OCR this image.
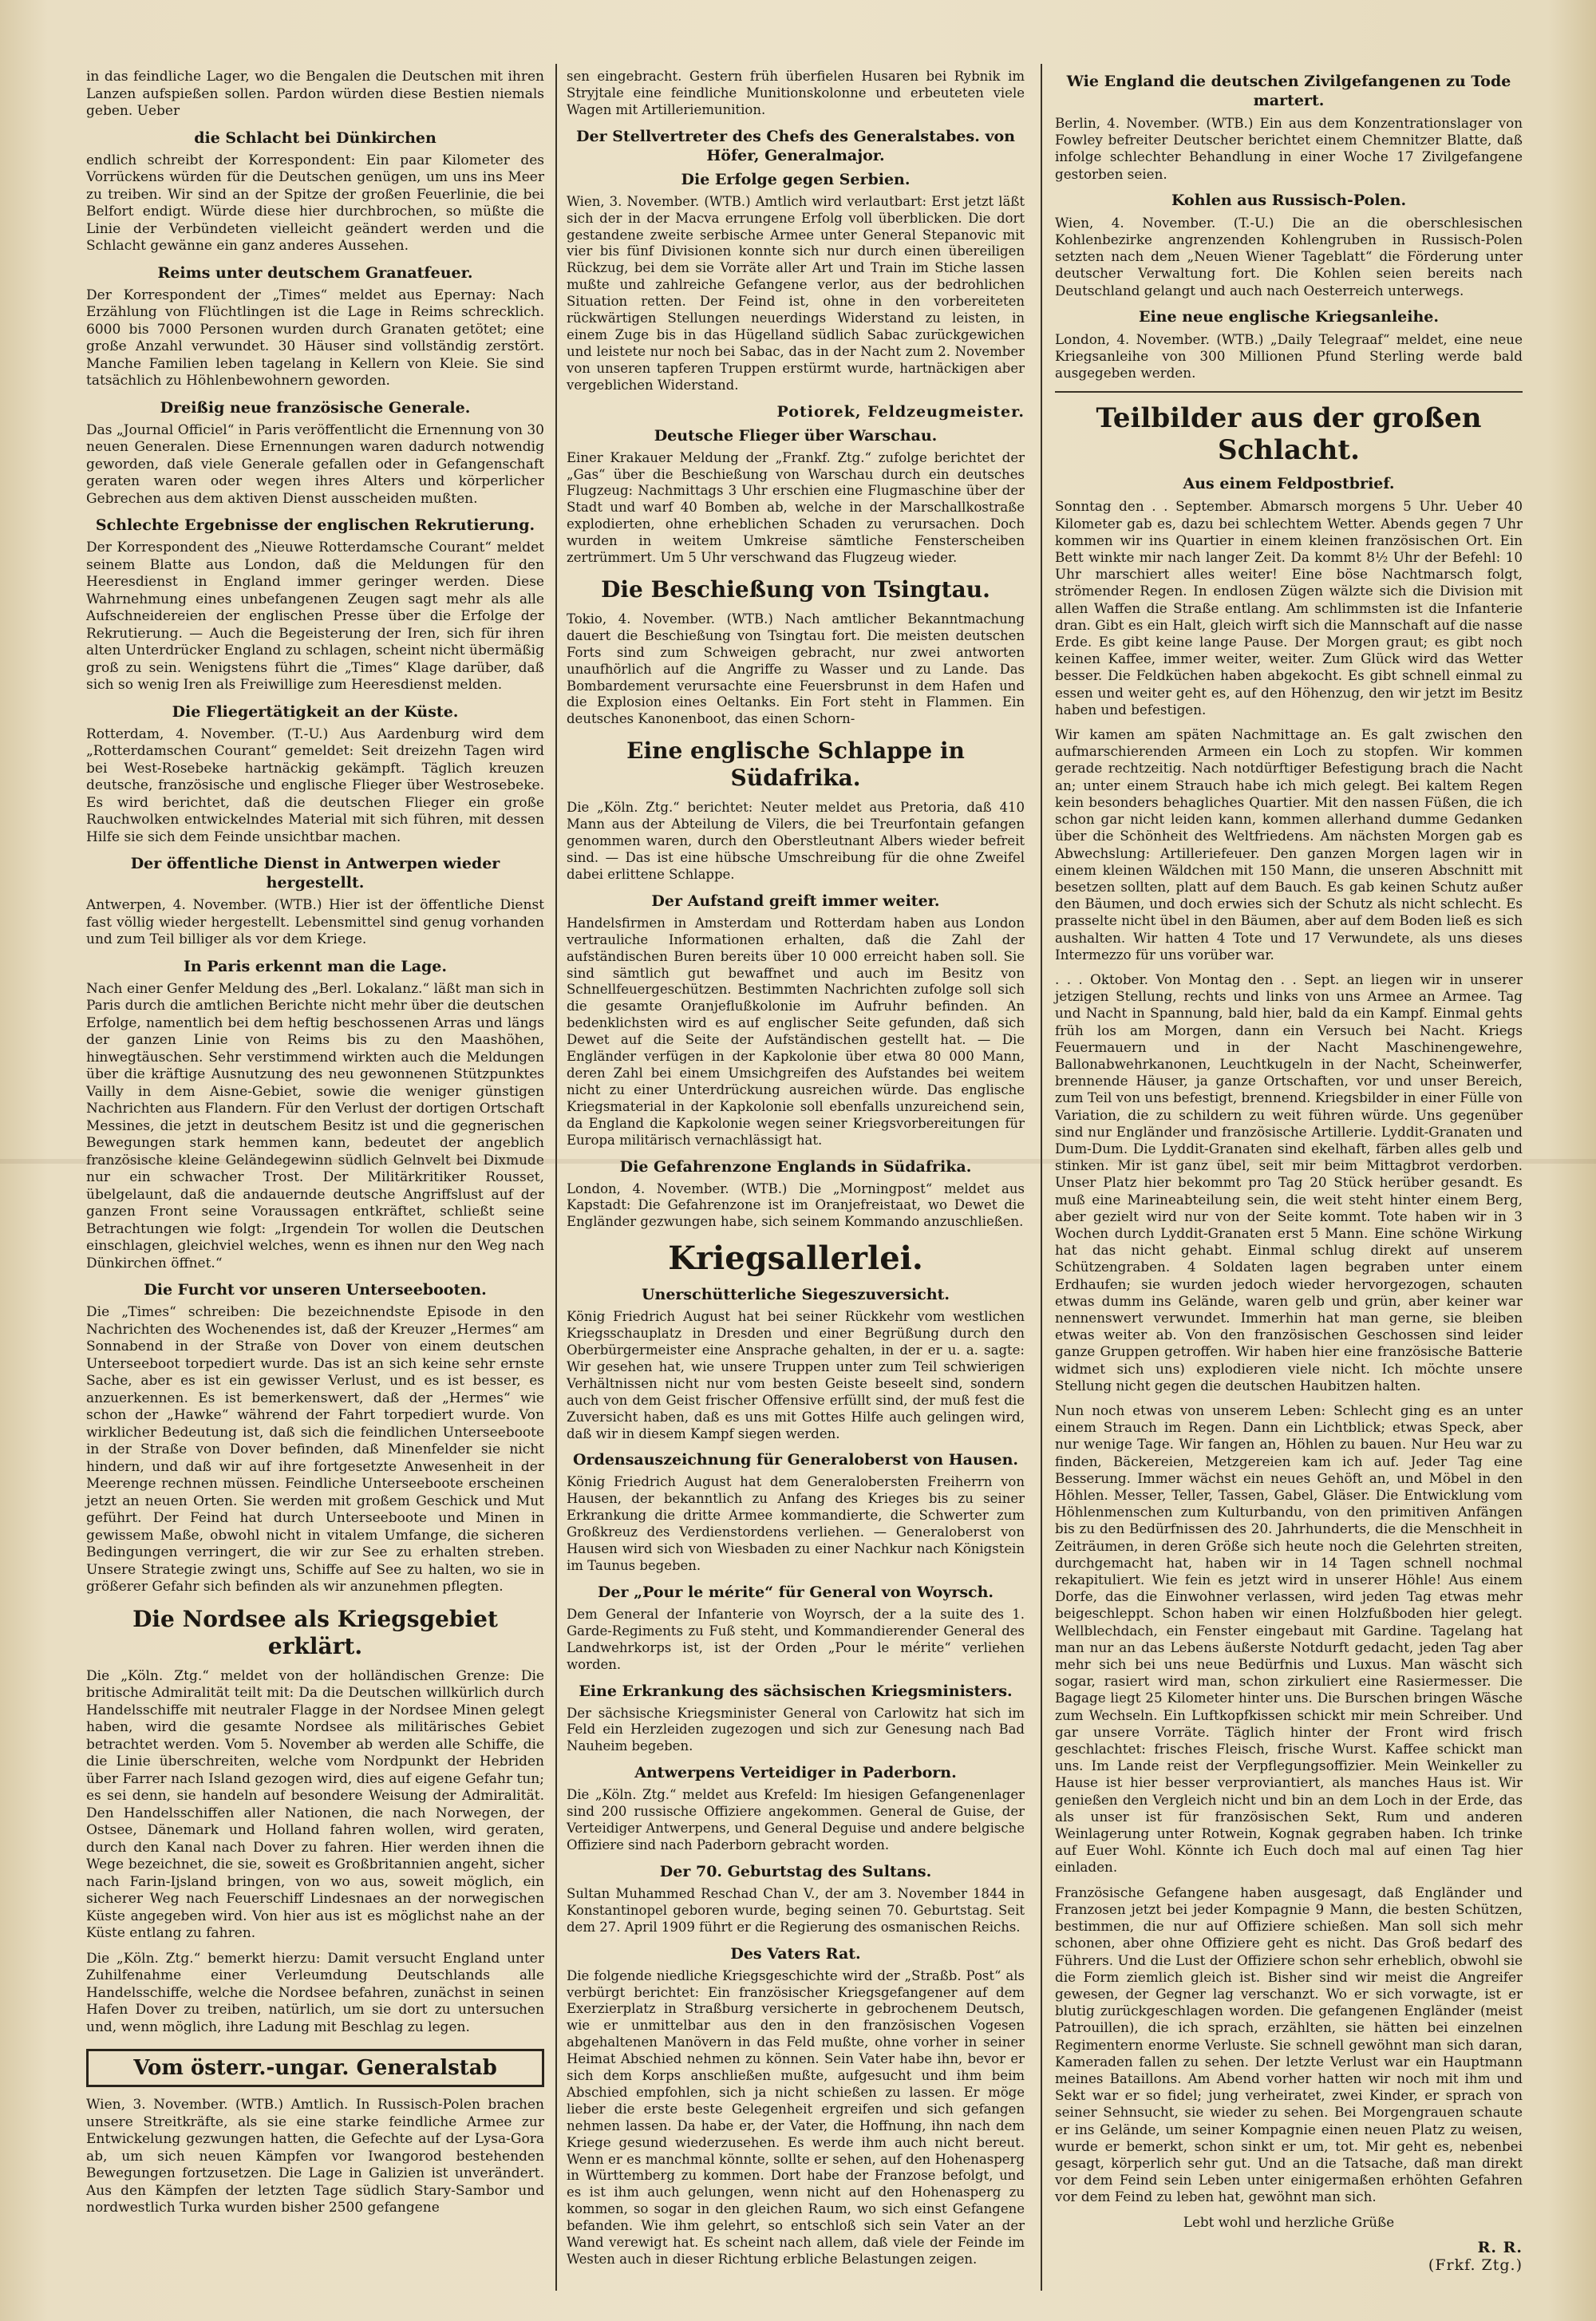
in das feindliche Lager, wo die Bengalen die Deutschen mit ihren Lanzen aufspießen sollen. Pardon würden diese Bestien niemals geben. Ueber

die Schlacht bei Dünkirchen

endlich schreibt der Korrespondent: Ein paar Kilometer des Vorrückens würden für die Deutschen genügen, um uns ins Meer zu treiben. Wir sind an der Spitze der großen Feuerlinie, die bei Belfort endigt. Würde diese hier durchbrochen, so müßte die Linie der Verbündeten vielleicht geändert werden und die Schlacht gewänne ein ganz anderes Aussehen.

Reims unter deutschem Granatfeuer.

Der Korrespondent der „Times“ meldet aus Epernay: Nach Erzählung von Flüchtlingen ist die Lage in Reims schrecklich. 6000 bis 7000 Personen wurden durch Granaten getötet; eine große Anzahl verwundet. 30 Häuser sind vollständig zerstört. Manche Familien leben tagelang in Kellern von Kleie. Sie sind tatsächlich zu Höhlenbewohnern geworden.

Dreißig neue französische Generale.

Das „Journal Officiel“ in Paris veröffentlicht die Ernennung von 30 neuen Generalen. Diese Ernennungen waren dadurch notwendig geworden, daß viele Generale gefallen oder in Gefangenschaft geraten waren oder wegen ihres Alters und körperlicher Gebrechen aus dem aktiven Dienst ausscheiden mußten.

Schlechte Ergebnisse der englischen Rekrutierung.

Der Korrespondent des „Nieuwe Rotterdamsche Courant“ meldet seinem Blatte aus London, daß die Meldungen für den Heeresdienst in England immer geringer werden. Diese Wahrnehmung eines unbefangenen Zeugen sagt mehr als alle Aufschneidereien der englischen Presse über die Erfolge der Rekrutierung. — Auch die Begeisterung der Iren, sich für ihren alten Unterdrücker England zu schlagen, scheint nicht übermäßig groß zu sein. Wenigstens führt die „Times“ Klage darüber, daß sich so wenig Iren als Freiwillige zum Heeresdienst melden.

Die Fliegertätigkeit an der Küste.

Rotterdam, 4. November. (T.-U.) Aus Aardenburg wird dem „Rotterdamschen Courant“ gemeldet: Seit dreizehn Tagen wird bei West-Rosebeke hartnäckig gekämpft. Täglich kreuzen deutsche, französische und englische Flieger über Westrosebeke. Es wird berichtet, daß die deutschen Flieger ein große Rauchwolken entwickelndes Material mit sich führen, mit dessen Hilfe sie sich dem Feinde unsichtbar machen.

Der öffentliche Dienst in Antwerpen wieder hergestellt.

Antwerpen, 4. November. (WTB.) Hier ist der öffentliche Dienst fast völlig wieder hergestellt. Lebensmittel sind genug vorhanden und zum Teil billiger als vor dem Kriege.

In Paris erkennt man die Lage.

Nach einer Genfer Meldung des „Berl. Lokalanz.“ läßt man sich in Paris durch die amtlichen Berichte nicht mehr über die deutschen Erfolge, namentlich bei dem heftig beschossenen Arras und längs der ganzen Linie von Reims bis zu den Maashöhen, hinwegtäuschen. Sehr verstimmend wirkten auch die Meldungen über die kräftige Ausnutzung des neu gewonnenen Stützpunktes Vailly in dem Aisne-Gebiet, sowie die weniger günstigen Nachrichten aus Flandern. Für den Verlust der dortigen Ortschaft Messines, die jetzt in deutschem Besitz ist und die gegnerischen Bewegungen stark hemmen kann, bedeutet der angeblich französische kleine Geländegewinn südlich Gelnvelt bei Dixmude nur ein schwacher Trost. Der Militärkritiker Rousset, übelgelaunt, daß die andauernde deutsche Angriffslust auf der ganzen Front seine Voraussagen entkräftet, schließt seine Betrachtungen wie folgt: „Irgendein Tor wollen die Deutschen einschlagen, gleichviel welches, wenn es ihnen nur den Weg nach Dünkirchen öffnet.“

Die Furcht vor unseren Unterseebooten.

Die „Times“ schreiben: Die bezeichnendste Episode in den Nachrichten des Wochenendes ist, daß der Kreuzer „Hermes“ am Sonnabend in der Straße von Dover von einem deutschen Unterseeboot torpediert wurde. Das ist an sich keine sehr ernste Sache, aber es ist ein gewisser Verlust, und es ist besser, es anzuerkennen. Es ist bemerkenswert, daß der „Hermes“ wie schon der „Hawke“ während der Fahrt torpediert wurde. Von wirklicher Bedeutung ist, daß sich die feindlichen Unterseeboote in der Straße von Dover befinden, daß Minenfelder sie nicht hindern, und daß wir auf ihre fortgesetzte Anwesenheit in der Meerenge rechnen müssen. Feindliche Unterseeboote erscheinen jetzt an neuen Orten. Sie werden mit großem Geschick und Mut geführt. Der Feind hat durch Unterseeboote und Minen in gewissem Maße, obwohl nicht in vitalem Umfange, die sicheren Bedingungen verringert, die wir zur See zu erhalten streben. Unsere Strategie zwingt uns, Schiffe auf See zu halten, wo sie in größerer Gefahr sich befinden als wir anzunehmen pflegten.

Die Nordsee als Kriegsgebiet erklärt.

Die „Köln. Ztg.“ meldet von der holländischen Grenze: Die britische Admiralität teilt mit: Da die Deutschen willkürlich durch Handelsschiffe mit neutraler Flagge in der Nordsee Minen gelegt haben, wird die gesamte Nordsee als militärisches Gebiet betrachtet werden. Vom 5. November ab werden alle Schiffe, die die Linie überschreiten, welche vom Nordpunkt der Hebriden über Farrer nach Island gezogen wird, dies auf eigene Gefahr tun; es sei denn, sie handeln auf besondere Weisung der Admiralität. Den Handelsschiffen aller Nationen, die nach Norwegen, der Ostsee, Dänemark und Holland fahren wollen, wird geraten, durch den Kanal nach Dover zu fahren. Hier werden ihnen die Wege bezeichnet, die sie, soweit es Großbritannien angeht, sicher nach Farin-Ijsland bringen, von wo aus, soweit möglich, ein sicherer Weg nach Feuerschiff Lindesnaes an der norwegischen Küste angegeben wird. Von hier aus ist es möglichst nahe an der Küste entlang zu fahren.

Die „Köln. Ztg.“ bemerkt hierzu: Damit versucht England unter Zuhilfenahme einer Verleumdung Deutschlands alle Handelsschiffe, welche die Nordsee befahren, zunächst in seinen Hafen Dover zu treiben, natürlich, um sie dort zu untersuchen und, wenn möglich, ihre Ladung mit Beschlag zu legen.

Vom österr.-ungar. Generalstab

Wien, 3. November. (WTB.) Amtlich. In Russisch-Polen brachen unsere Streitkräfte, als sie eine starke feindliche Armee zur Entwickelung gezwungen hatten, die Gefechte auf der Lysa-Gora ab, um sich neuen Kämpfen vor Iwangorod bestehenden Bewegungen fortzusetzen. Die Lage in Galizien ist unverändert. Aus den Kämpfen der letzten Tage südlich Stary-Sambor und nordwestlich Turka wurden bisher 2500 gefangene

sen eingebracht. Gestern früh überfielen Husaren bei Rybnik im Stryjtale eine feindliche Munitionskolonne und erbeuteten viele Wagen mit Artilleriemunition.

Der Stellvertreter des Chefs des Generalstabes. von Höfer, Generalmajor.
Die Erfolge gegen Serbien.

Wien, 3. November. (WTB.) Amtlich wird verlautbart: Erst jetzt läßt sich der in der Macva errungene Erfolg voll überblicken. Die dort gestandene zweite serbische Armee unter General Stepanovic mit vier bis fünf Divisionen konnte sich nur durch einen übereiligen Rückzug, bei dem sie Vorräte aller Art und Train im Stiche lassen mußte und zahlreiche Gefangene verlor, aus der bedrohlichen Situation retten. Der Feind ist, ohne in den vorbereiteten rückwärtigen Stellungen neuerdings Widerstand zu leisten, in einem Zuge bis in das Hügelland südlich Sabac zurückgewichen und leistete nur noch bei Sabac, das in der Nacht zum 2. November von unseren tapferen Truppen erstürmt wurde, hartnäckigen aber vergeblichen Widerstand.

Potiorek, Feldzeugmeister.
Deutsche Flieger über Warschau.

Einer Krakauer Meldung der „Frankf. Ztg.“ zufolge berichtet der „Gas“ über die Beschießung von Warschau durch ein deutsches Flugzeug: Nachmittags 3 Uhr erschien eine Flugmaschine über der Stadt und warf 40 Bomben ab, welche in der Marschallkostraße explodierten, ohne erheblichen Schaden zu verursachen. Doch wurden in weitem Umkreise sämtliche Fensterscheiben zertrümmert. Um 5 Uhr verschwand das Flugzeug wieder.

Die Beschießung von Tsingtau.

Tokio, 4. November. (WTB.) Nach amtlicher Bekanntmachung dauert die Beschießung von Tsingtau fort. Die meisten deutschen Forts sind zum Schweigen gebracht, nur zwei antworten unaufhörlich auf die Angriffe zu Wasser und zu Lande. Das Bombardement verursachte eine Feuersbrunst in dem Hafen und die Explosion eines Oeltanks. Ein Fort steht in Flammen. Ein deutsches Kanonenboot, das einen Schorn-

Eine englische Schlappe in Südafrika.

Die „Köln. Ztg.“ berichtet: Neuter meldet aus Pretoria, daß 410 Mann aus der Abteilung de Vilers, die bei Treurfontain gefangen genommen waren, durch den Oberstleutnant Albers wieder befreit sind. — Das ist eine hübsche Umschreibung für die ohne Zweifel dabei erlittene Schlappe.

Der Aufstand greift immer weiter.

Handelsfirmen in Amsterdam und Rotterdam haben aus London vertrauliche Informationen erhalten, daß die Zahl der aufständischen Buren bereits über 10 000 erreicht haben soll. Sie sind sämtlich gut bewaffnet und auch im Besitz von Schnellfeuergeschützen. Bestimmten Nachrichten zufolge soll sich die gesamte Oranjeflußkolonie im Aufruhr befinden. An bedenklichsten wird es auf englischer Seite gefunden, daß sich Dewet auf die Seite der Aufständischen gestellt hat. — Die Engländer verfügen in der Kapkolonie über etwa 80 000 Mann, deren Zahl bei einem Umsichgreifen des Aufstandes bei weitem nicht zu einer Unterdrückung ausreichen würde. Das englische Kriegsmaterial in der Kapkolonie soll ebenfalls unzureichend sein, da England die Kapkolonie wegen seiner Kriegsvorbereitungen für Europa militärisch vernachlässigt hat.

Die Gefahrenzone Englands in Südafrika.

London, 4. November. (WTB.) Die „Morningpost“ meldet aus Kapstadt: Die Gefahrenzone ist im Oranjefreistaat, wo Dewet die Engländer gezwungen habe, sich seinem Kommando anzuschließen.

Kriegsallerlei.
Unerschütterliche Siegeszuversicht.

König Friedrich August hat bei seiner Rückkehr vom westlichen Kriegsschauplatz in Dresden und einer Begrüßung durch den Oberbürgermeister eine Ansprache gehalten, in der er u. a. sagte: Wir gesehen hat, wie unsere Truppen unter zum Teil schwierigen Verhältnissen nicht nur vom besten Geiste beseelt sind, sondern auch von dem Geist frischer Offensive erfüllt sind, der muß fest die Zuversicht haben, daß es uns mit Gottes Hilfe auch gelingen wird, daß wir in diesem Kampf siegen werden.

Ordensauszeichnung für Generaloberst von Hausen.

König Friedrich August hat dem Generalobersten Freiherrn von Hausen, der bekanntlich zu Anfang des Krieges bis zu seiner Erkrankung die dritte Armee kommandierte, die Schwerter zum Großkreuz des Verdienstordens verliehen. — Generaloberst von Hausen wird sich von Wiesbaden zu einer Nachkur nach Königstein im Taunus begeben.

Der „Pour le mérite“ für General von Woyrsch.

Dem General der Infanterie von Woyrsch, der a la suite des 1. Garde-Regiments zu Fuß steht, und Kommandierender General des Landwehrkorps ist, ist der Orden „Pour le mérite“ verliehen worden.

Eine Erkrankung des sächsischen Kriegsministers.

Der sächsische Kriegsminister General von Carlowitz hat sich im Feld ein Herzleiden zugezogen und sich zur Genesung nach Bad Nauheim begeben.

Antwerpens Verteidiger in Paderborn.

Die „Köln. Ztg.“ meldet aus Krefeld: Im hiesigen Gefangenenlager sind 200 russische Offiziere angekommen. General de Guise, der Verteidiger Antwerpens, und General Deguise und andere belgische Offiziere sind nach Paderborn gebracht worden.

Der 70. Geburtstag des Sultans.

Sultan Muhammed Reschad Chan V., der am 3. November 1844 in Konstantinopel geboren wurde, beging seinen 70. Geburtstag. Seit dem 27. April 1909 führt er die Regierung des osmanischen Reichs.

Des Vaters Rat.

Die folgende niedliche Kriegsgeschichte wird der „Straßb. Post“ als verbürgt berichtet: Ein französischer Kriegsgefangener auf dem Exerzierplatz in Straßburg versicherte in gebrochenem Deutsch, wie er unmittelbar aus den in den französischen Vogesen abgehaltenen Manövern in das Feld mußte, ohne vorher in seiner Heimat Abschied nehmen zu können. Sein Vater habe ihn, bevor er sich dem Korps anschließen mußte, aufgesucht und ihm beim Abschied empfohlen, sich ja nicht schießen zu lassen. Er möge lieber die erste beste Gelegenheit ergreifen und sich gefangen nehmen lassen. Da habe er, der Vater, die Hoffnung, ihn nach dem Kriege gesund wiederzusehen. Es werde ihm auch nicht bereut. Wenn er es manchmal könnte, sollte er sehen, auf den Hohenasperg in Württemberg zu kommen. Dort habe der Franzose befolgt, und es ist ihm auch gelungen, wenn nicht auf den Hohenasperg zu kommen, so sogar in den gleichen Raum, wo sich einst Gefangene befanden. Wie ihm gelehrt, so entschloß sich sein Vater an der Wand verewigt hat. Es scheint nach allem, daß viele der Feinde im Westen auch in dieser Richtung erbliche Belastungen zeigen.

Wie England die deutschen Zivilgefangenen zu Tode martert.

Berlin, 4. November. (WTB.) Ein aus dem Konzentrationslager von Fowley befreiter Deutscher berichtet einem Chemnitzer Blatte, daß infolge schlechter Behandlung in einer Woche 17 Zivilgefangene gestorben seien.

Kohlen aus Russisch-Polen.

Wien, 4. November. (T.-U.) Die an die oberschlesischen Kohlenbezirke angrenzenden Kohlengruben in Russisch-Polen setzten nach dem „Neuen Wiener Tageblatt“ die Förderung unter deutscher Verwaltung fort. Die Kohlen seien bereits nach Deutschland gelangt und auch nach Oesterreich unterwegs.

Eine neue englische Kriegsanleihe.

London, 4. November. (WTB.) „Daily Telegraaf“ meldet, eine neue Kriegsanleihe von 300 Millionen Pfund Sterling werde bald ausgegeben werden.

Teilbilder aus der großen Schlacht.
Aus einem Feldpostbrief.

Sonntag den . . September. Abmarsch morgens 5 Uhr. Ueber 40 Kilometer gab es, dazu bei schlechtem Wetter. Abends gegen 7 Uhr kommen wir ins Quartier in einem kleinen französischen Ort. Ein Bett winkte mir nach langer Zeit. Da kommt 8½ Uhr der Befehl: 10 Uhr marschiert alles weiter! Eine böse Nachtmarsch folgt, strömender Regen. In endlosen Zügen wälzte sich die Division mit allen Waffen die Straße entlang. Am schlimmsten ist die Infanterie dran. Gibt es ein Halt, gleich wirft sich die Mannschaft auf die nasse Erde. Es gibt keine lange Pause. Der Morgen graut; es gibt noch keinen Kaffee, immer weiter, weiter. Zum Glück wird das Wetter besser. Die Feldküchen haben abgekocht. Es gibt schnell einmal zu essen und weiter geht es, auf den Höhenzug, den wir jetzt im Besitz haben und befestigen.

Wir kamen am späten Nachmittage an. Es galt zwischen den aufmarschierenden Armeen ein Loch zu stopfen. Wir kommen gerade rechtzeitig. Nach notdürftiger Befestigung brach die Nacht an; unter einem Strauch habe ich mich gelegt. Bei kaltem Regen kein besonders behagliches Quartier. Mit den nassen Füßen, die ich schon gar nicht leiden kann, kommen allerhand dumme Gedanken über die Schönheit des Weltfriedens. Am nächsten Morgen gab es Abwechslung: Artilleriefeuer. Den ganzen Morgen lagen wir in einem kleinen Wäldchen mit 150 Mann, die unseren Abschnitt mit besetzen sollten, platt auf dem Bauch. Es gab keinen Schutz außer den Bäumen, und doch erwies sich der Schutz als nicht schlecht. Es prasselte nicht übel in den Bäumen, aber auf dem Boden ließ es sich aushalten. Wir hatten 4 Tote und 17 Verwundete, als uns dieses Intermezzo für uns vorüber war.

. . . Oktober. Von Montag den . . Sept. an liegen wir in unserer jetzigen Stellung, rechts und links von uns Armee an Armee. Tag und Nacht in Spannung, bald hier, bald da ein Kampf. Einmal gehts früh los am Morgen, dann ein Versuch bei Nacht. Kriegs Feuermauern und in der Nacht Maschinengewehre, Ballonabwehrkanonen, Leuchtkugeln in der Nacht, Scheinwerfer, brennende Häuser, ja ganze Ortschaften, vor und unser Bereich, zum Teil von uns befestigt, brennend. Kriegsbilder in einer Fülle von Variation, die zu schildern zu weit führen würde. Uns gegenüber sind nur Engländer und französische Artillerie. Lyddit-Granaten und Dum-Dum. Die Lyddit-Granaten sind ekelhaft, färben alles gelb und stinken. Mir ist ganz übel, seit mir beim Mittagbrot verdorben. Unser Platz hier bekommt pro Tag 20 Stück herüber gesandt. Es muß eine Marineabteilung sein, die weit steht hinter einem Berg, aber gezielt wird nur von der Seite kommt. Tote haben wir in 3 Wochen durch Lyddit-Granaten erst 5 Mann. Eine schöne Wirkung hat das nicht gehabt. Einmal schlug direkt auf unserem Schützengraben. 4 Soldaten lagen begraben unter einem Erdhaufen; sie wurden jedoch wieder hervorgezogen, schauten etwas dumm ins Gelände, waren gelb und grün, aber keiner war nennenswert verwundet. Immerhin hat man gerne, sie bleiben etwas weiter ab. Von den französischen Geschossen sind leider ganze Gruppen getroffen. Wir haben hier eine französische Batterie widmet sich uns) explodieren viele nicht. Ich möchte unsere Stellung nicht gegen die deutschen Haubitzen halten.

Nun noch etwas von unserem Leben: Schlecht ging es an unter einem Strauch im Regen. Dann ein Lichtblick; etwas Speck, aber nur wenige Tage. Wir fangen an, Höhlen zu bauen. Nur Heu war zu finden, Bäckereien, Metzgereien kam ich auf. Jeder Tag eine Besserung. Immer wächst ein neues Gehöft an, und Möbel in den Höhlen. Messer, Teller, Tassen, Gabel, Gläser. Die Entwicklung vom Höhlenmenschen zum Kulturbandu, von den primitiven Anfängen bis zu den Bedürfnissen des 20. Jahrhunderts, die die Menschheit in Zeiträumen, in deren Größe sich heute noch die Gelehrten streiten, durchgemacht hat, haben wir in 14 Tagen schnell nochmal rekapituliert. Wie fein es jetzt wird in unserer Höhle! Aus einem Dorfe, das die Einwohner verlassen, wird jeden Tag etwas mehr beigeschleppt. Schon haben wir einen Holzfußboden hier gelegt. Wellblechdach, ein Fenster eingebaut mit Gardine. Tagelang hat man nur an das Lebens äußerste Notdurft gedacht, jeden Tag aber mehr sich bei uns neue Bedürfnis und Luxus. Man wäscht sich sogar, rasiert wird man, schon zirkuliert eine Rasiermesser. Die Bagage liegt 25 Kilometer hinter uns. Die Burschen bringen Wäsche zum Wechseln. Ein Luftkopfkissen schickt mir mein Schreiber. Und gar unsere Vorräte. Täglich hinter der Front wird frisch geschlachtet: frisches Fleisch, frische Wurst. Kaffee schickt man uns. Im Lande reist der Verpflegungsoffizier. Mein Weinkeller zu Hause ist hier besser verproviantiert, als manches Haus ist. Wir genießen den Vergleich nicht und bin an dem Loch in der Erde, das als unser ist für französischen Sekt, Rum und anderen Weinlagerung unter Rotwein, Kognak gegraben haben. Ich trinke auf Euer Wohl. Könnte ich Euch doch mal auf einen Tag hier einladen.

Französische Gefangene haben ausgesagt, daß Engländer und Franzosen jetzt bei jeder Kompagnie 9 Mann, die besten Schützen, bestimmen, die nur auf Offiziere schießen. Man soll sich mehr schonen, aber ohne Offiziere geht es nicht. Das Groß bedarf des Führers. Und die Lust der Offiziere schon sehr erheblich, obwohl sie die Form ziemlich gleich ist. Bisher sind wir meist die Angreifer gewesen, der Gegner lag verschanzt. Wo er sich vorwagte, ist er blutig zurückgeschlagen worden. Die gefangenen Engländer (meist Patrouillen), die ich sprach, erzählten, sie hätten bei einzelnen Regimentern enorme Verluste. Sie schnell gewöhnt man sich daran, Kameraden fallen zu sehen. Der letzte Verlust war ein Hauptmann meines Bataillons. Am Abend vorher hatten wir noch mit ihm und Sekt war er so fidel; jung verheiratet, zwei Kinder, er sprach von seiner Sehnsucht, sie wieder zu sehen. Bei Morgengrauen schaute er ins Gelände, um seiner Kompagnie einen neuen Platz zu weisen, wurde er bemerkt, schon sinkt er um, tot. Mir geht es, nebenbei gesagt, körperlich sehr gut. Und an die Tatsache, daß man direkt vor dem Feind sein Leben unter einigermaßen erhöhten Gefahren vor dem Feind zu leben hat, gewöhnt man sich.

Lebt wohl und herzliche Grüße

R. R.
(Frkf. Ztg.)
